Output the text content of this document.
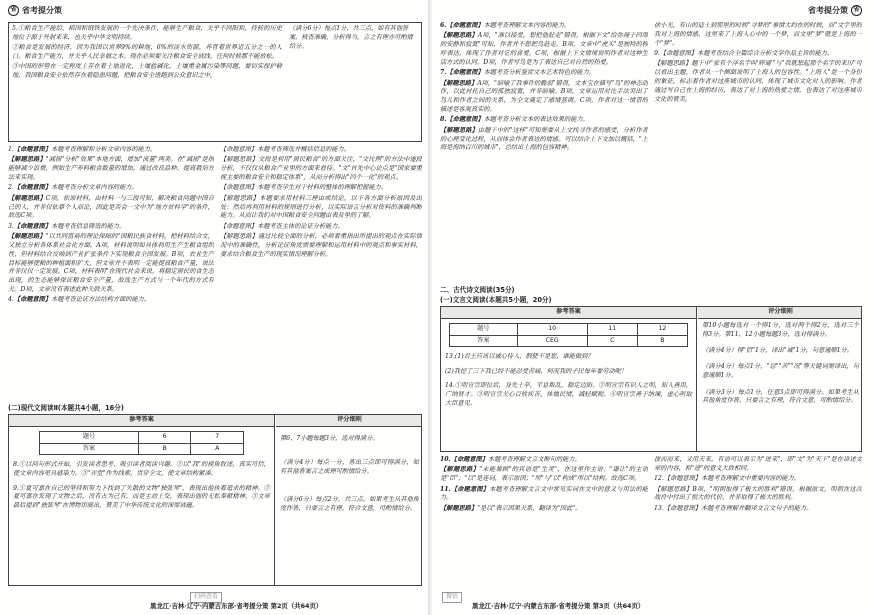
省 省考提分策
5.①粮食生产能给，稻国和钢铁发展的一个先决条件，能够生产粮食，关乎不同阳和，持转的历史地位于源于外射来来，也关乎中华文明持续。
②粮食是发展的经济，因为我国以世界9%的耕地，6%的淡水资源，养育着世界近五分之一的人口。粮食生产能力，并关乎人民幸福之本。现在必须要关注粮食安全底线，任何时候都不能放松。
③中国的形势在一定程度上存在着土地退化，土壤盐碱化，土壤重金属污染等问题，要切实保护耕地，我国粮食安全依然存在着隐患问题，把粮食安全迭跑到公众意识之中。
（满分6分）每点1分，共三点，如有其他答案，核查准确，分析得当，言之有理亦可酌情给分。
1.【命题意图】本题考查理解和分析文章内容的能力。
【解题思路】"减损"分析"效果"本地方面，增加"流量"两类。在"减损"是指能够减少浪费，例如生产养料粮食数量的增加，通过改良品种、提高栽培方法来实现。
2.【命题意图】本题考查分析文章内容的能力。
【解题思路】C项，依原材料，由材料一与三段可知，解决粮食问题中国自己的人，并非仅依靠个人而论，因此是否会一文中为"地方贫科学"的条件，故选C项。
3.【命题意图】本题考查信息筛选的能力。
【解题思路】"以共同富裕的理论保障的"国粮民族食材料，把材料结合文，又独立分析各体系社会化方面。A项，材料说明如具体利用生产生粮食组织性，但材料结合反映到产业扩张条件下实现粮食全国发展。B项，农业生产目标能够使粮的种植面积扩大，但文章并不表明一定能提高粮食产量，说法并非仅仅一定发展。C项，材料表明"在现代社会来说，将稳定居民的食生态出现，的生态能够保证粮食安全产量，故选生产方式与一个年代的方式有关。D项，文章没有表述此种关联关系。
4.【命题意图】本题考查论证方法结构方面的能力。
【命题意图】本题考查筛选并概括信息的能力。
【解题思路】文段是利用"居民粮食"的方面关注，"文比例"的方法中逐段分析，不仅仅从粮食产业里的方面来看待。"文"首先中心论点是"国家要重视主要的粮食安全和稳定体系"，从而分析得出"四个一化"的观点。
【命题意图】本题考查学生对于材料的整体的理解把握能力。
【解题思路】本题要求用材料三理由或结论，以下各方面分析原因及出处：然后再利用材料的规则进行分析，以实际语言分析对资料的准确判断能力。从而让我们对中国粮食安全问题由表及里的了解。
【命题意图】本题考查主体的论证分析能力。
【解题思路】通过比较全面的分析，必须着重指出所提出的观点在实际情况中的准确性，分析论证角度需要理解和运用材料中的观点和事实材料，要求结合粮食生产的现实情况理解分析。
(二)现代文阅读Ⅱ(本题共4小题，16分)
参考答案
题号	6	7
答案	B	A
8.①以问句形式开始，引发读者思考，吸引读者阅读兴趣。②以"我"的视角叙述，真实可信，使文章内容更具感染力。③"弄堂"作为线索，贯穿全文，使文章结构紧凑。
9.①夏可嘉在自己的坚持和努力下找到了失散的文物"独弦琴"，表现出他执着追求的精神。②夏可嘉在发现了文物之后，没有占为己有，而是主动上交，表现出他的无私奉献精神。③文章最后提到"独弦琴"在博物馆展出，赞美了中华传统文化的深厚底蕴。
评分细则
第6、7小题每题3分，选对得满分。
（满分4分）每点一分，答出三点即可得满分，如有其他答案言之成理可酌情给分。
（满分6分）每点2分，共三点。如果考生从其他角度作答，只要言之有理，符合文意，可酌情给分。
扫码查看
黑龙江·吉林·辽宁·内蒙古东部·省考提分策 第2页（共64页）
省考提分策 省
6.【命题意图】本题考查理解文本内容的能力。
【解题思路】A项，"准以接受，想把他赶走"错误，根据下文"给弥漫于四周的安静和寂寞"可知，作者并不想把鸟赶走。B项，文章中"虎头"是独特的称呼表达，体现了作者对它的喜爱。C项，根据上下文情境说明作者对这种生活方式的认同。D项，作者写鸟是为了表达自己对自然的热爱。
7.【命题意图】本题考查分析鉴赏文本艺术特色的能力。
【解题思路】A项，"暗喻了我事件的脆弱"错误，文本宝在描写"鸟"的神态动作，以此衬托自己的孤独寂寞，并非暗喻。B项，文章运用对比手法突出了鸟儿和作者之间的关系，为全文奠定了感情基调。C项，作者对这一情景的描述是客观真实的。
8.【命题意图】本题考查分析文本的表达效果的能力。
【解题思路】由题干中的"这样"可知需要从上文找寻作者的感受，分析作者的心理变化过程，从而体会作者表达的情感。可以结合上下文加以概括，"上海是海纳百川的城市"，总结出上海的包容精神。
徐小光，有山的适士到那里的时候"寻梦的"事情大约在的时候，而"文字里的我对上海的情感，这里来了上海人心中的一个梦，而文里"梦"就是上海的一个"梦"。
9.【命题意图】本题考查结合全篇综合分析文学作品主旨的能力。
【解题思路】题干中"家有个洋名字叫'辉通'"与"我就想起那个名字的来历"可以看出主题，作者从一个侧面说明了上海人的包容性。"上海人"是一个身份的象征，标志着作者对这座城市的认同，体现了城市文化对人的影响。作者通过写自己在上海的经历，表达了对上海的热爱之情，也表达了对这座城市文化的赞美。
二、古代诗文阅读(35分)
(一)文言文阅读(本题共5小题，20分)
参考答案
题号	10	11	12
答案	CEG	C	B
13.(1)君王应该以诚心待人，假使不是您，谁能做到？
(2)我挖了三下我已经不能忍受苦痛，何况我的子民每年要劳动呢！
14.①明宣宗即位后，身先士卒，平息叛乱，稳定边防。②明宣宗有识人之明，知人善用，广纳贤才。③明宣宗关心百姓疾苦，体恤民情，减轻赋税。④明宣宗善于纳谏，虚心听取大臣意见。
评分细则
第10小题每选对一个得1分，选对两个得2分，选对三个得3分。第11、12小题每题3分，选对得满分。
（满分4分）得"信"1分，译出"诚"1分，句意通顺1分。
（满分4分）每点1分，"忍""苦""况"等关键词需译出，句意通顺1分。
（满分3分）每点1分，任意3点即可得满分。如果考生从其他角度作答，只要言之有理，符合文意，可酌情给分。
10.【命题意图】本题考查理解文言文断句的能力。
【解题思路】"未能兼顾"的宾语是"生灵"，在这里作主语；"谦让"的主语是"臣"；"以"是连词，表示原因；"所"与"以"构成"所以"结构。故选C项。
11.【命题意图】本题考查理解文言文中常见实词在文中的意义与用法的能力。
【解题思路】"是以"表示因果关系，翻译为"因此"。
拔而而来，又用天来，有语可以表示为"进来"，即"文"为"天下"是在讲述文章的内容，和"进"的意义大致相同。
12.【命题意图】本题考查理解文中重要内容的能力。
【解题思路】B项，"明朝取得了极大的胜利"错误，根据原文，明朝在这次战役中付出了很大的代价，并非取得了极大的胜利。
13.【命题意图】本题考查理解并翻译文言文句子的能力。
微信
黑龙江·吉林·辽宁·内蒙古东部·省考提分策 第3页（共64页）
